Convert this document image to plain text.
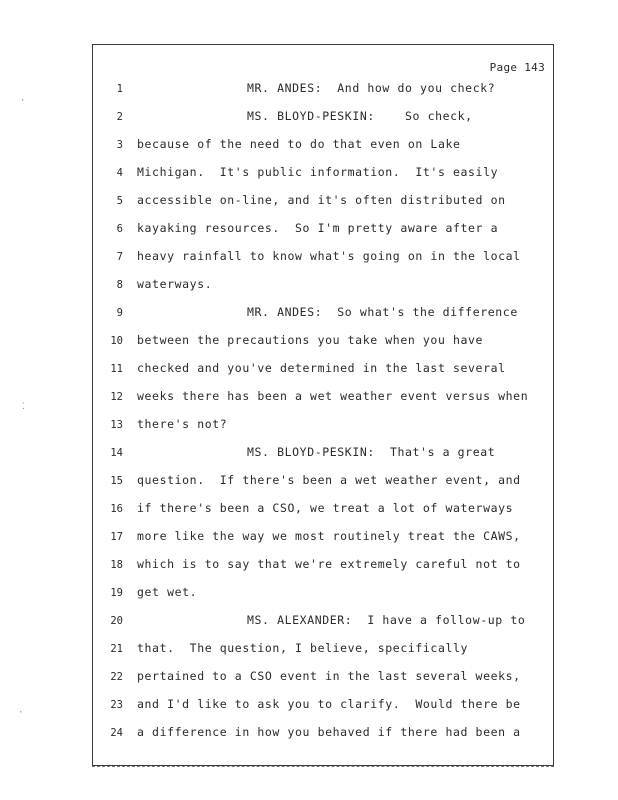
Page 143
1	MR. ANDES:  And how do you check?
2	MS. BLOYD-PESKIN:    So check,
3 because of the need to do that even on Lake
4 Michigan.  It's public information.  It's easily
5 accessible on-line, and it's often distributed on
6 kayaking resources.  So I'm pretty aware after a
7 heavy rainfall to know what's going on in the local
8 waterways.
9	MR. ANDES:  So what's the difference
10 between the precautions you take when you have
11 checked and you've determined in the last several
12 weeks there has been a wet weather event versus when
13 there's not?
14	MS. BLOYD-PESKIN:  That's a great
15 question.  If there's been a wet weather event, and
16 if there's been a CSO, we treat a lot of waterways
17 more like the way we most routinely treat the CAWS,
18 which is to say that we're extremely careful not to
19 get wet.
20	MS. ALEXANDER:  I have a follow-up to
21 that.  The question, I believe, specifically
22 pertained to a CSO event in the last several weeks,
23 and I'd like to ask you to clarify.  Would there be
24 a difference in how you behaved if there had been a
·
⁚
·
